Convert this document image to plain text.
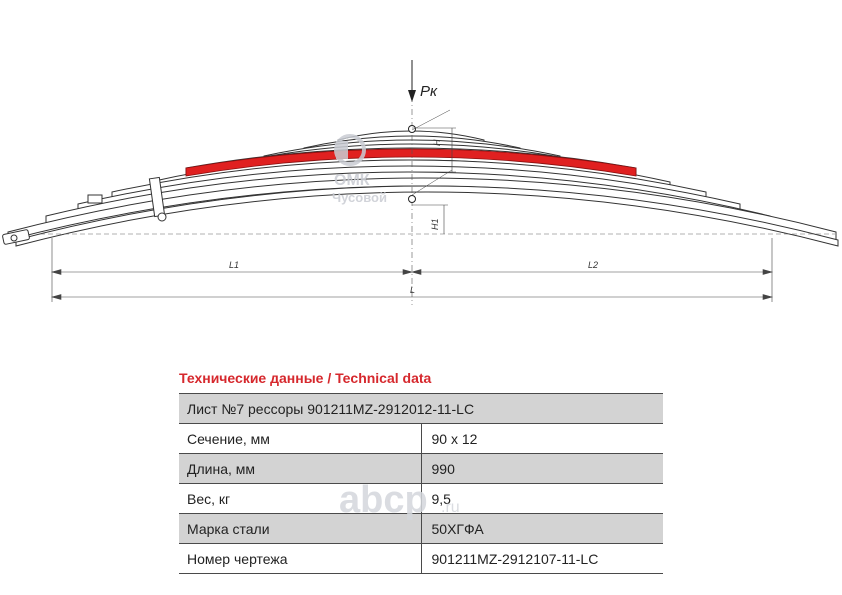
Pк
H
H1
L1	L2
L
ОМК
Чусовой
Технические данные / Technical data
Лист №7 рессоры 901211MZ-2912012-11-LC	
Сечение, мм	90 х 12
Длина, мм	990
Вес, кг	9,5
Марка стали	50ХГФА
Номер чертежа	901211MZ-2912107-11-LC
abcp .ru
